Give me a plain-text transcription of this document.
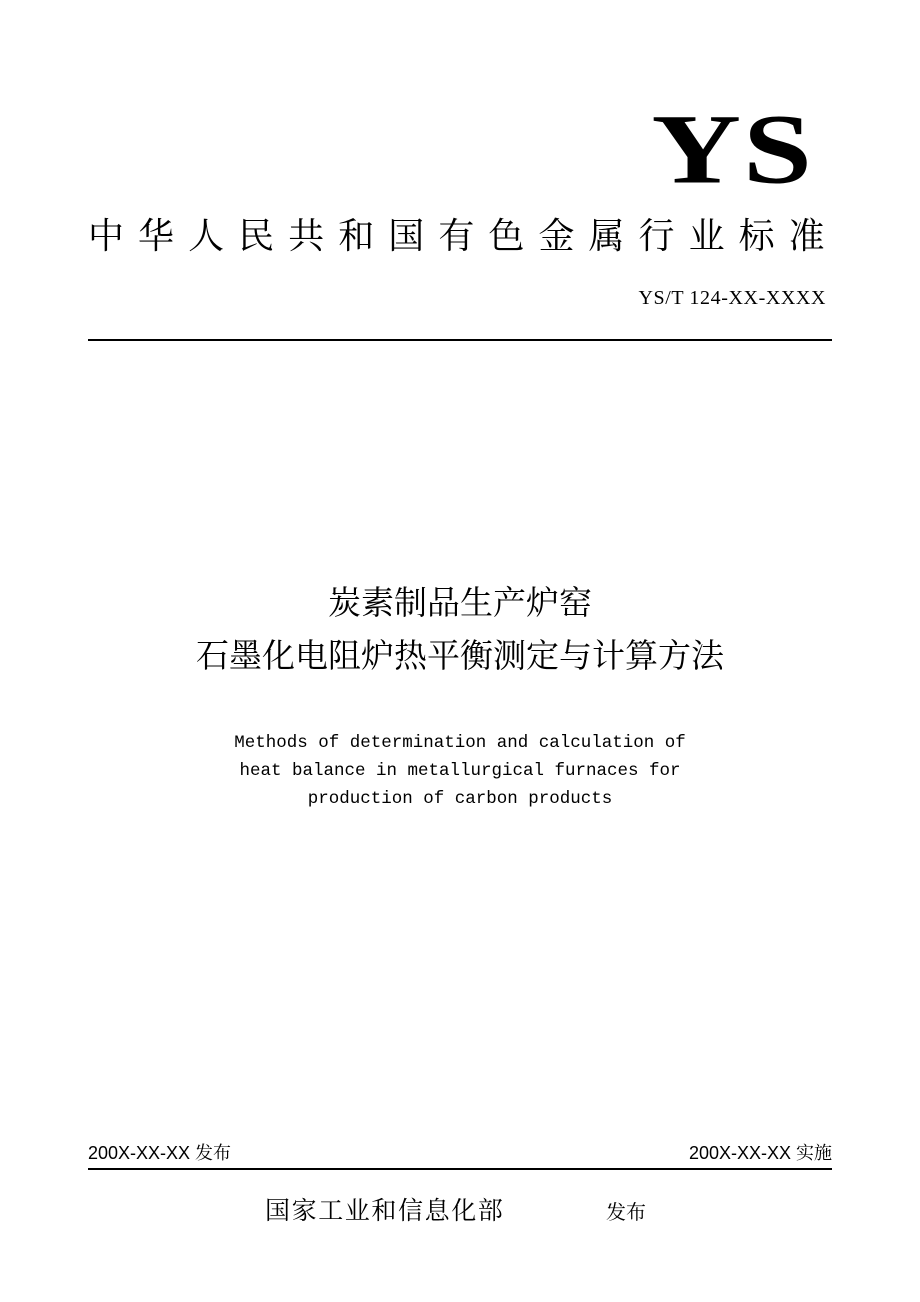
YS
中华人民共和国有色金属行业标准
YS/T 124-XX-XXXX
炭素制品生产炉窑
石墨化电阻炉热平衡测定与计算方法
Methods of determination and calculation of
heat balance in metallurgical furnaces for
production of carbon products
200X-XX-XX 发布	200X-XX-XX 实施
国家工业和信息化部	发布
